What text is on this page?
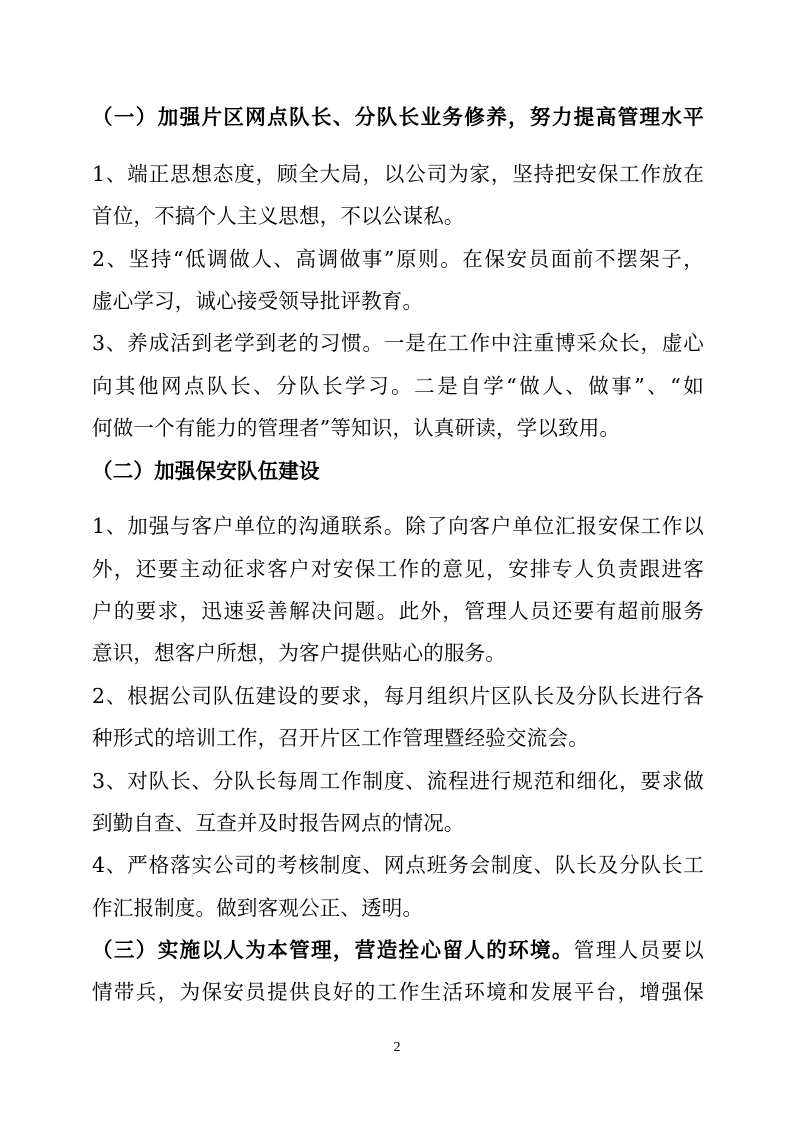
（一）加强片区网点队长、分队长业务修养，努力提高管理水平
1、端正思想态度，顾全大局，以公司为家，坚持把安保工作放在
首位，不搞个人主义思想，不以公谋私。
2、坚持“低调做人、高调做事”原则。在保安员面前不摆架子，
虚心学习，诚心接受领导批评教育。
3、养成活到老学到老的习惯。一是在工作中注重博采众长，虚心
向其他网点队长、分队长学习。二是自学“做人、做事”、“如
何做一个有能力的管理者”等知识，认真研读，学以致用。
（二）加强保安队伍建设
1、加强与客户单位的沟通联系。除了向客户单位汇报安保工作以
外，还要主动征求客户对安保工作的意见，安排专人负责跟进客
户的要求，迅速妥善解决问题。此外，管理人员还要有超前服务
意识，想客户所想，为客户提供贴心的服务。
2、根据公司队伍建设的要求，每月组织片区队长及分队长进行各
种形式的培训工作，召开片区工作管理暨经验交流会。
3、对队长、分队长每周工作制度、流程进行规范和细化，要求做
到勤自查、互查并及时报告网点的情况。
4、严格落实公司的考核制度、网点班务会制度、队长及分队长工
作汇报制度。做到客观公正、透明。
（三）实施以人为本管理，营造拴心留人的环境。管理人员要以
情带兵，为保安员提供良好的工作生活环境和发展平台，增强保
2
